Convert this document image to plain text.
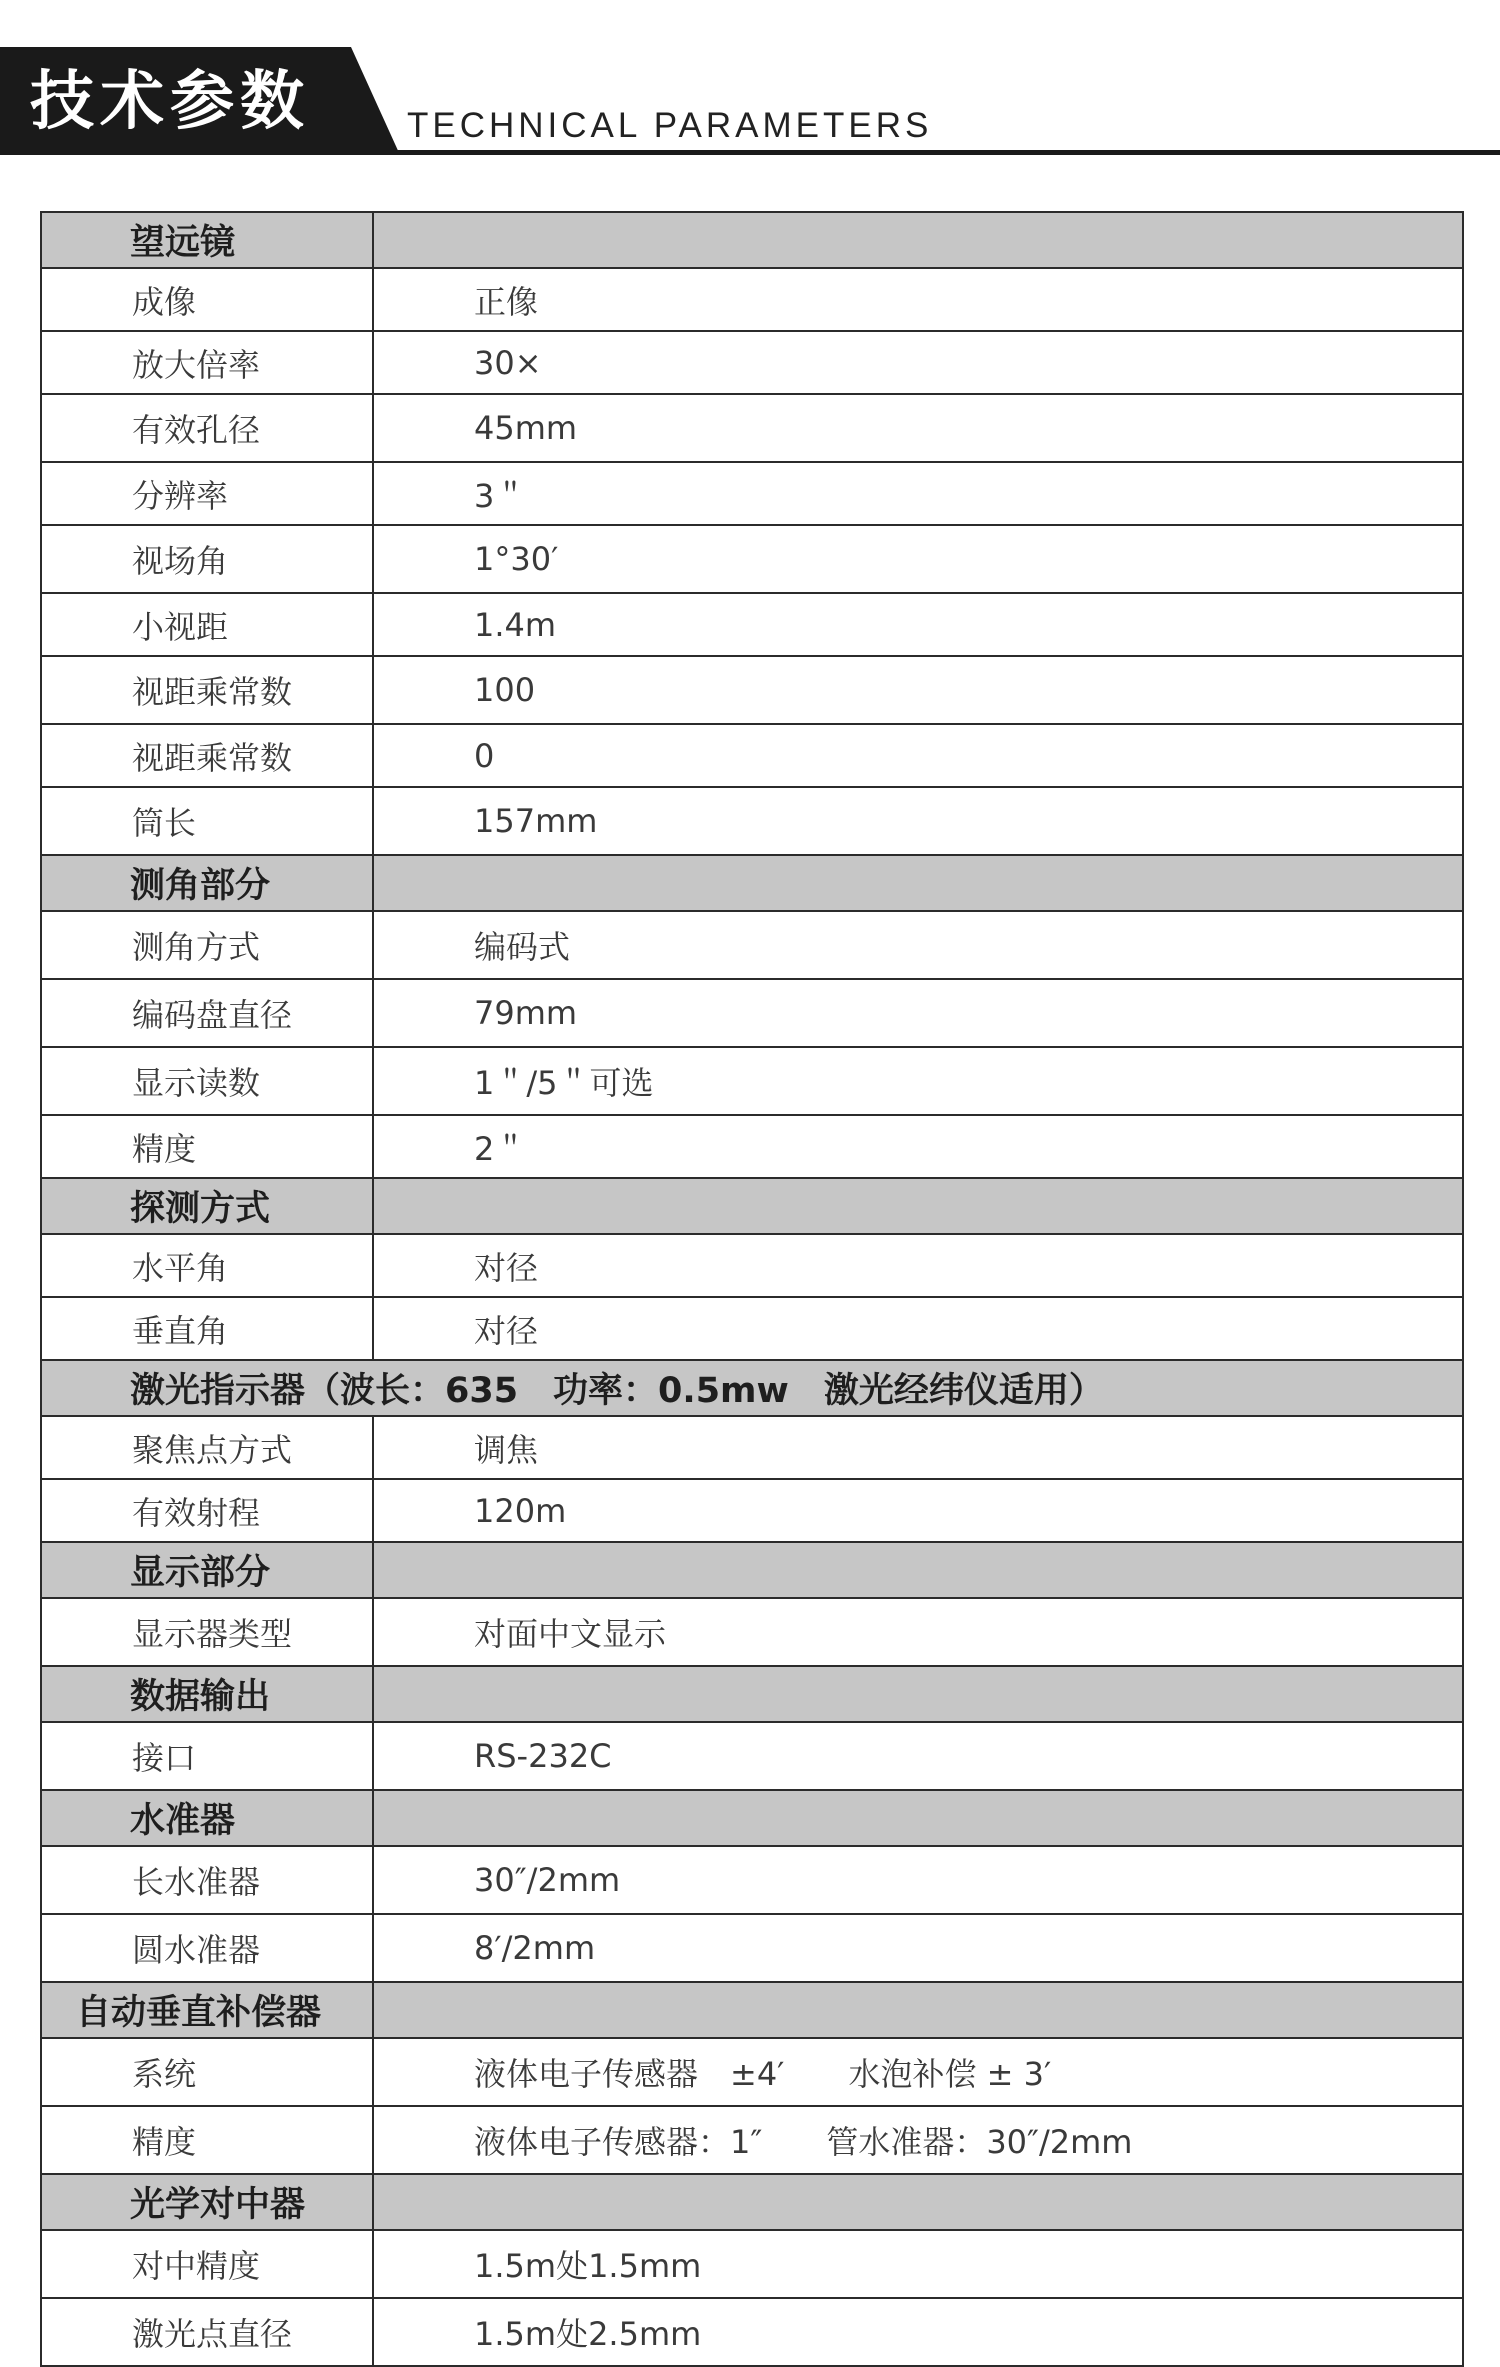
技术参数	TECHNICAL PARAMETERS
望远镜	
成像	正像
放大倍率	30×
有效孔径	45mm
分辨率	3＂
视场角	1°30′
小视距	1.4m
视距乘常数	100
视距乘常数	0
筒长	157mm
测角部分	
测角方式	编码式
编码盘直径	79mm
显示读数	1＂/5＂可选
精度	2＂
探测方式	
水平角	对径
垂直角	对径
激光指示器（波长：635　功率：0.5mw　激光经纬仪适用）	
聚焦点方式	调焦
有效射程	120m
显示部分	
显示器类型	对面中文显示
数据输出	
接口	RS-232C
水准器	
长水准器	30″/2mm
圆水准器	8′/2mm
自动垂直补偿器	
系统	液体电子传感器　±4′　　水泡补偿 ± 3′
精度	液体电子传感器：1″　　管水准器：30″/2mm
光学对中器	
对中精度	1.5m处1.5mm
激光点直径	1.5m处2.5mm
